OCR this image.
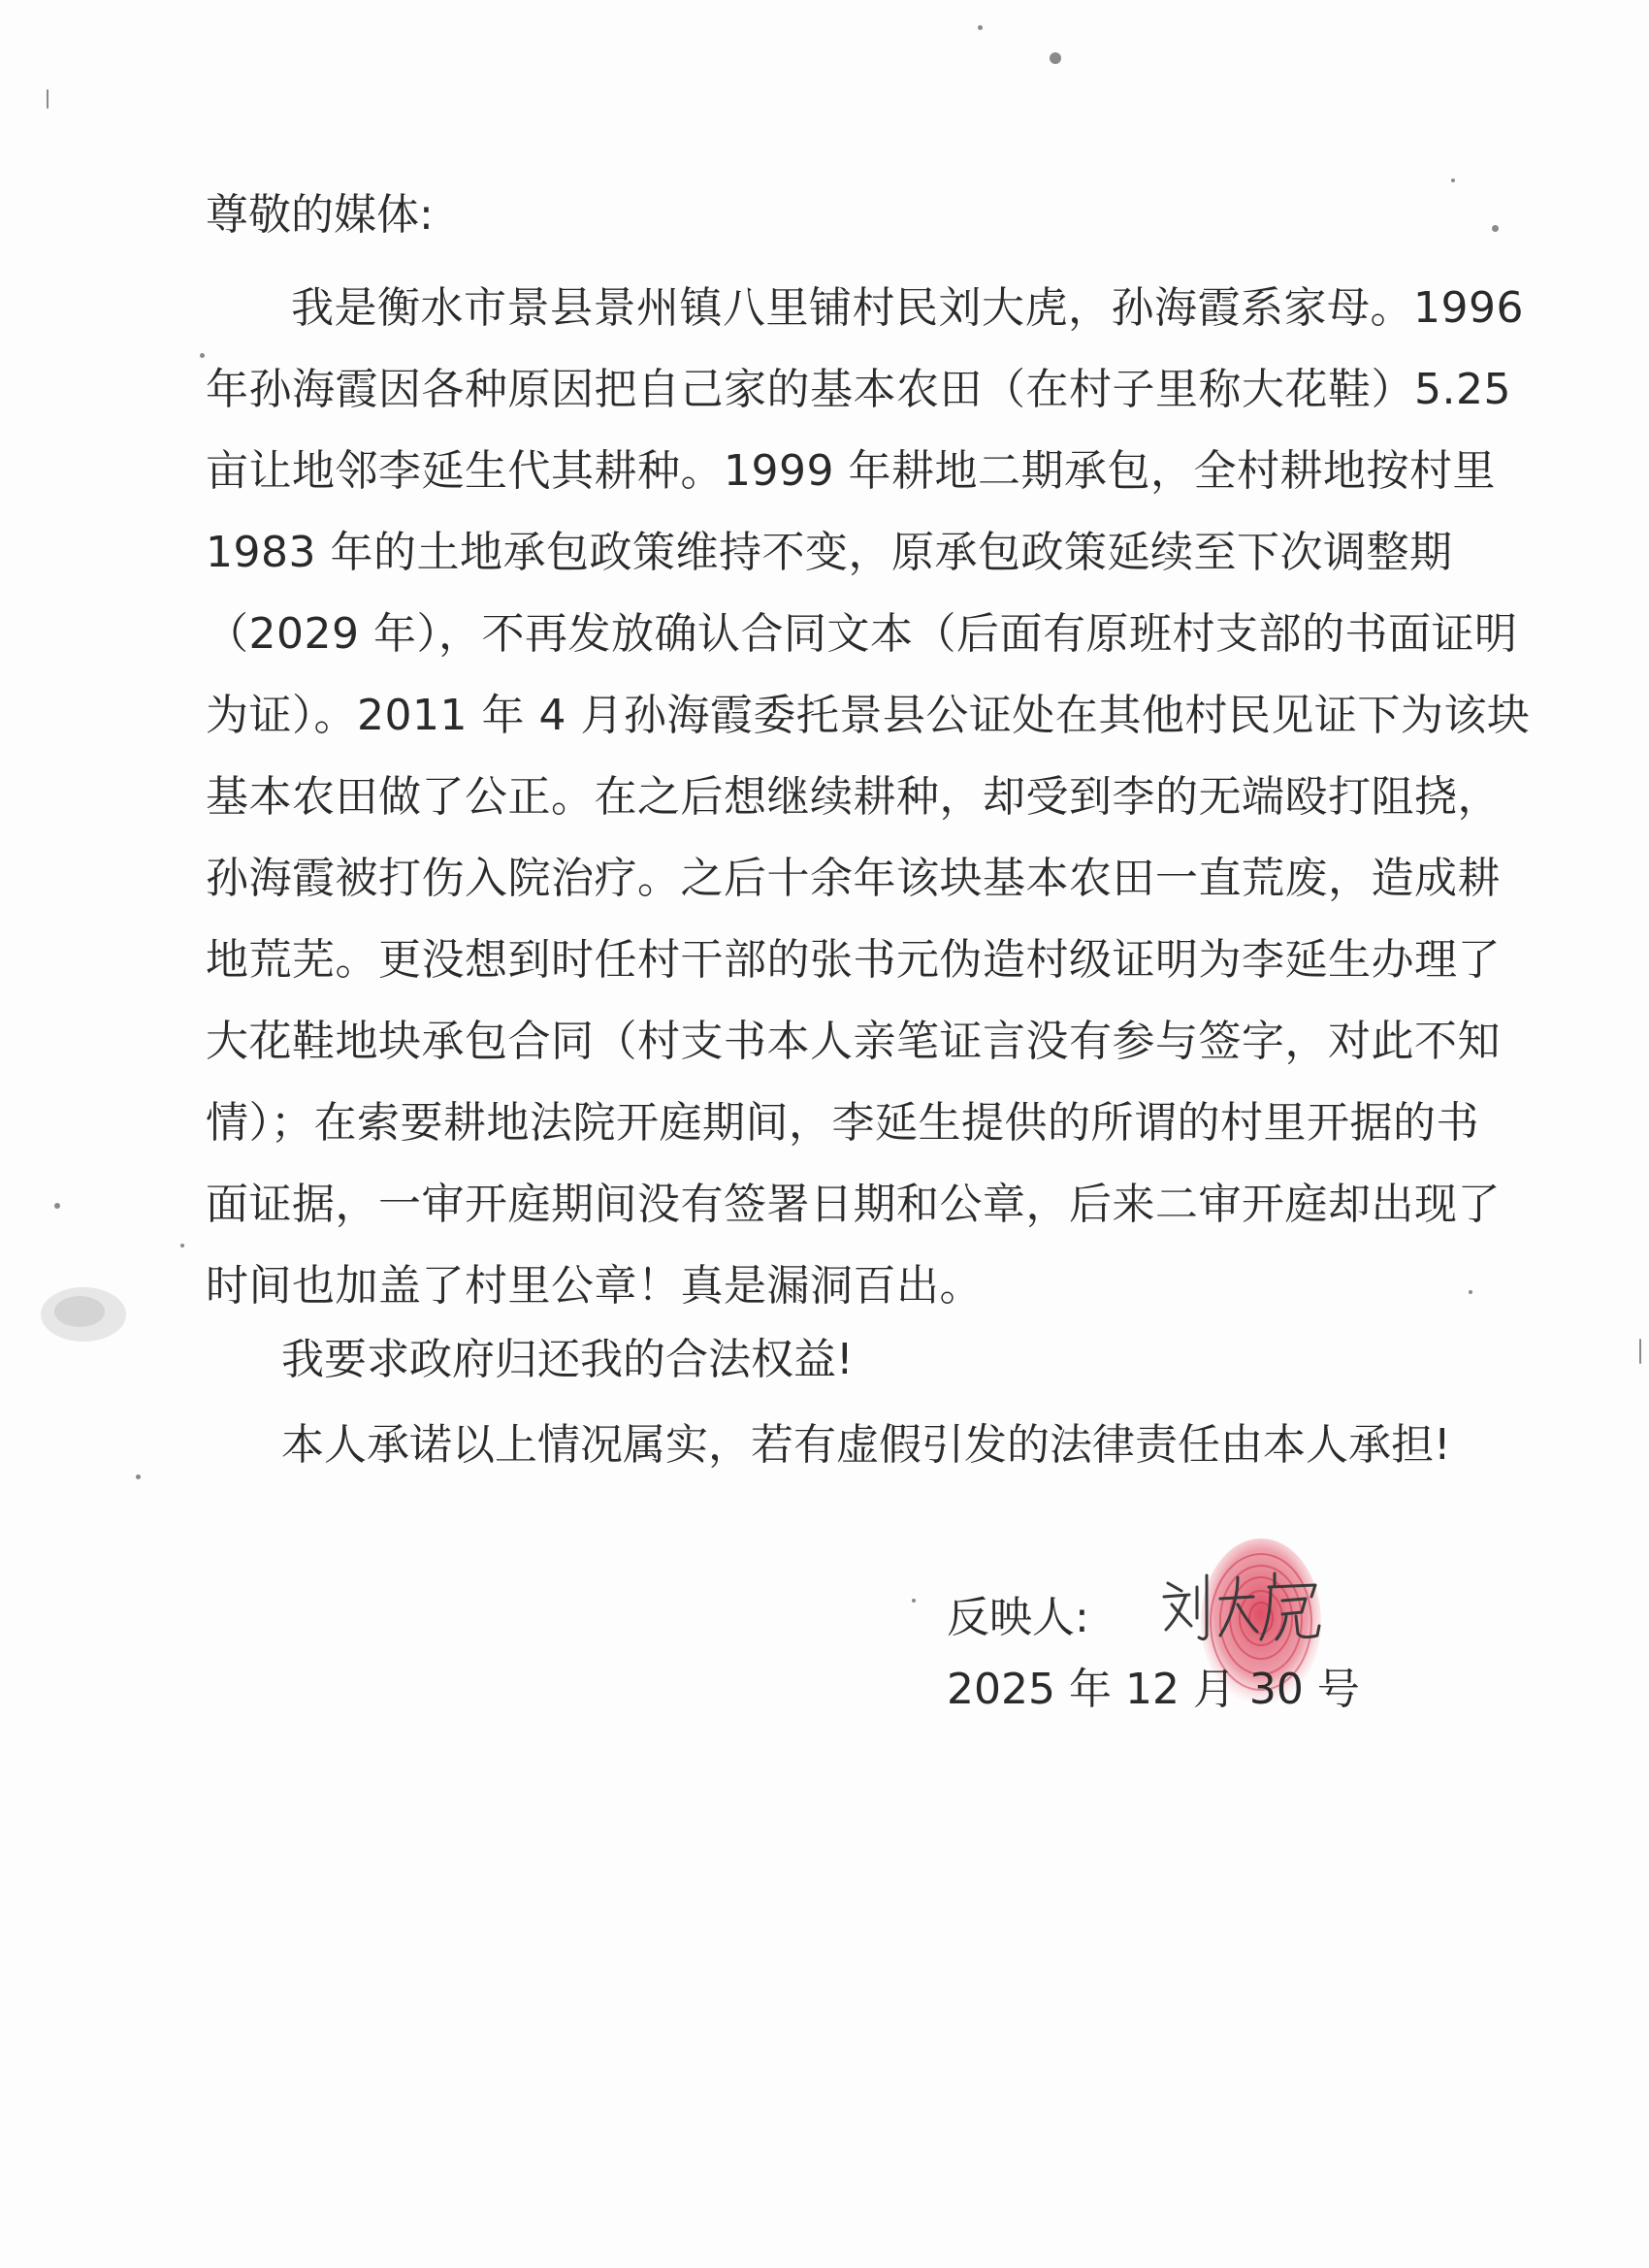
尊敬的媒体:

我是衡水市景县景州镇八里铺村民刘大虎，孙海霞系家母。1996
年孙海霞因各种原因把自己家的基本农田（在村子里称大花鞋）5.25
亩让地邻李延生代其耕种。1999 年耕地二期承包，全村耕地按村里
1983 年的土地承包政策维持不变，原承包政策延续至下次调整期
（2029 年），不再发放确认合同文本（后面有原班村支部的书面证明
为证）。2011 年 4 月孙海霞委托景县公证处在其他村民见证下为该块
基本农田做了公正。在之后想继续耕种，却受到李的无端殴打阻挠，
孙海霞被打伤入院治疗。之后十余年该块基本农田一直荒废，造成耕
地荒芜。更没想到时任村干部的张书元伪造村级证明为李延生办理了
大花鞋地块承包合同（村支书本人亲笔证言没有参与签字，对此不知
情）；在索要耕地法院开庭期间，李延生提供的所谓的村里开据的书
面证据，一审开庭期间没有签署日期和公章，后来二审开庭却出现了
时间也加盖了村里公章！真是漏洞百出。

我要求政府归还我的合法权益!

本人承诺以上情况属实，若有虚假引发的法律责任由本人承担!

反映人:
2025 年 12 月 30 号
